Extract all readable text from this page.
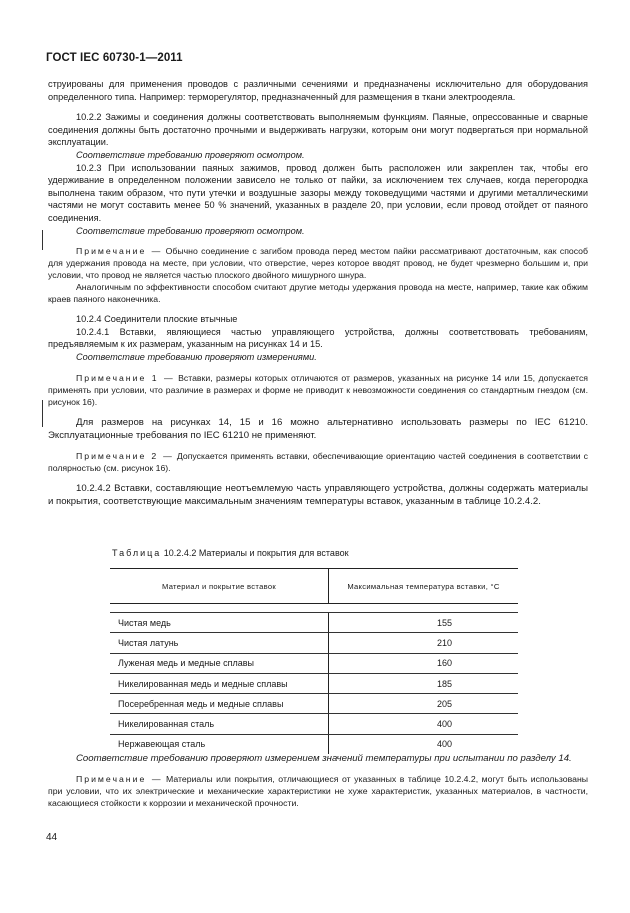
ГОСТ IEC 60730-1—2011

струированы для применения проводов с различными сечениями и предназначены исключительно для оборудования определенного типа. Например: терморегулятор, предназначенный для размещения в ткани электроодеяла.

10.2.2 Зажимы и соединения должны соответствовать выполняемым функциям. Паяные, опрессованные и сварные соединения должны быть достаточно прочными и выдерживать нагрузки, которым они могут подвергаться при нормальной эксплуатации.

Соответствие требованию проверяют осмотром.

10.2.3 При использовании паяных зажимов, провод должен быть расположен или закреплен так, чтобы его удерживание в определенном положении зависело не только от пайки, за исключением тех случаев, когда перегородка выполнена таким образом, что пути утечки и воздушные зазоры между токоведущими частями и другими металлическими частями не могут составить менее 50 % значений, указанных в разделе 20, при условии, если провод отойдет от паяного соединения.

Соответствие требованию проверяют осмотром.

Примечание — Обычно соединение с загибом провода перед местом пайки рассматривают достаточным, как способ для удержания провода на месте, при условии, что отверстие, через которое вводят провод, не будет чрезмерно большим и, при условии, что провод не является частью плоского двойного мишурного шнура.

Аналогичным по эффективности способом считают другие методы удержания провода на месте, например, такие как обжим краев паяного наконечника.

10.2.4 Соединители плоские втычные

10.2.4.1 Вставки, являющиеся частью управляющего устройства, должны соответствовать требованиям, предъявляемым к их размерам, указанным на рисунках 14 и 15.

Соответствие требованию проверяют измерениями.

Примечание 1 — Вставки, размеры которых отличаются от размеров, указанных на рисунке 14 или 15, допускается применять при условии, что различие в размерах и форме не приводит к невозможности соединения со стандартным гнездом (см. рисунок 16).

Для размеров на рисунках 14, 15 и 16 можно альтернативно использовать размеры по IEC 61210. Эксплуатационные требования по IEC 61210 не применяют.

Примечание 2 — Допускается применять вставки, обеспечивающие ориентацию частей соединения в соответствии с полярностью (см. рисунок 16).

10.2.4.2 Вставки, составляющие неотъемлемую часть управляющего устройства, должны содержать материалы и покрытия, соответствующие максимальным значениям температуры вставок, указанным в таблице 10.2.4.2.

Таблица 10.2.4.2 Материалы и покрытия для вставок
Материал и покрытие вставок	Максимальная температура вставки, °С

Чистая медь	155
Чистая латунь	210
Луженая медь и медные сплавы	160
Никелированная медь и медные сплавы	185
Посеребренная медь и медные сплавы	205
Никелированная сталь	400
Нержавеющая сталь	400

Соответствие требованию проверяют измерением значений температуры при испытании по разделу 14.

Примечание — Материалы или покрытия, отличающиеся от указанных в таблице 10.2.4.2, могут быть использованы при условии, что их электрические и механические характеристики не хуже характеристик, указанных материалов, в частности, касающиеся стойкости к коррозии и механической прочности.

44
